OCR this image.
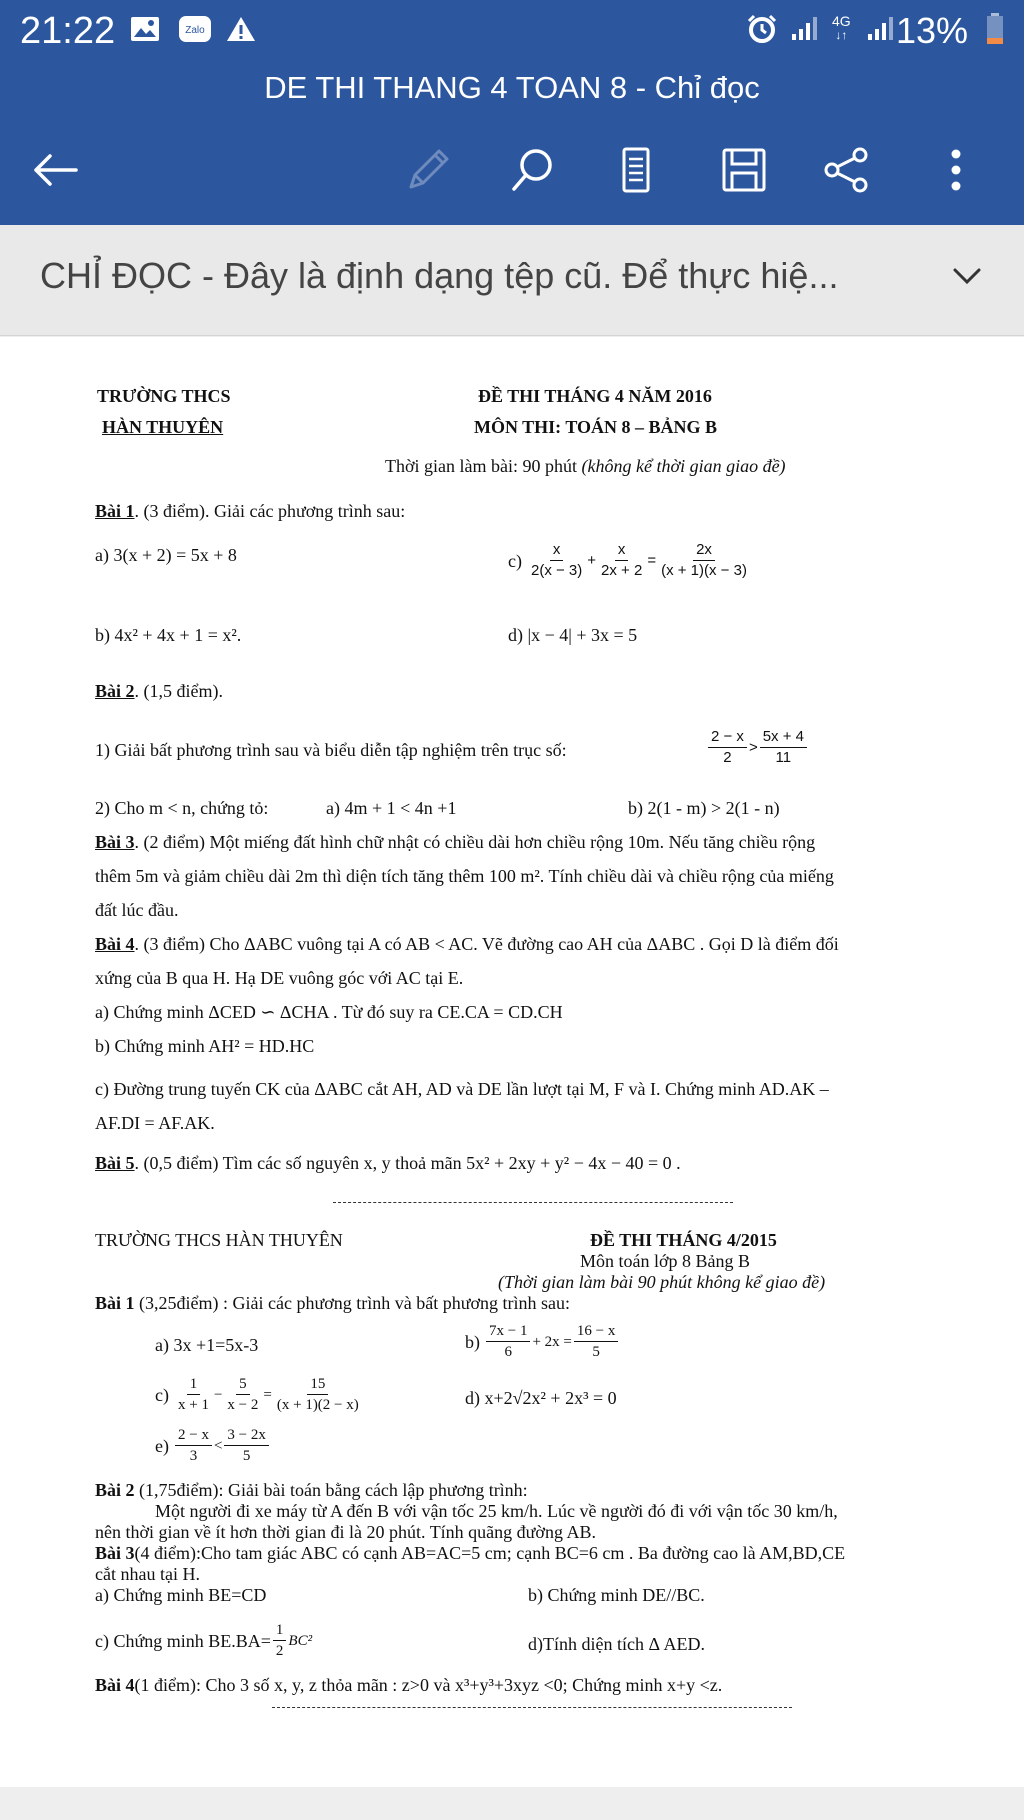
21:22	Zalo
4G
↓↑ 13%
DE THI THANG 4 TOAN 8 - Chỉ đọc
CHỈ ĐỌC - Đây là định dạng tệp cũ. Để thực hiệ...
TRƯỜNG THCS
HÀN THUYÊN
ĐỀ THI THÁNG 4 NĂM 2016
MÔN THI: TOÁN 8 – BẢNG B
Thời gian làm bài: 90 phút (không kể thời gian giao đề)
Bài 1. (3 điểm). Giải các phương trình sau:
a) 3(x + 2) = 5x + 8	$c) \frac{x}{2(x - 3)} + \frac{x}{2x + 2} = \frac{2x}{(x + 1)(x - 3)}$
b) 4x² + 4x + 1 = x².	d) |x − 4| + 3x = 5
Bài 2. (1,5 điểm).
1) Giải bất phương trình sau và biểu diễn tập nghiệm trên trục số:	$\frac{2 - x}{2} > \frac{5x + 4}{11}$
2) Cho m < n, chứng tỏ:	a) 4m + 1 < 4n +1	b) 2(1 - m) > 2(1 - n)
Bài 3. (2 điểm) Một miếng đất hình chữ nhật có chiều dài hơn chiều rộng 10m. Nếu tăng chiều rộng
thêm 5m và giảm chiều dài 2m thì diện tích tăng thêm 100 m². Tính chiều dài và chiều rộng của miếng
đất lúc đầu.
Bài 4. (3 điểm) Cho ΔABC vuông tại A có AB < AC. Vẽ đường cao AH của ΔABC . Gọi D là điểm đối
xứng của B qua H. Hạ DE vuông góc với AC tại E.
a) Chứng minh ΔCED ∽ ΔCHA . Từ đó suy ra CE.CA = CD.CH
b) Chứng minh AH² = HD.HC
c) Đường trung tuyến CK của ΔABC cắt AH, AD và DE lần lượt tại M, F và I. Chứng minh AD.AK –
AF.DI = AF.AK.
Bài 5. (0,5 điểm) Tìm các số nguyên x, y thoả mãn 5x² + 2xy + y² − 4x − 40 = 0 .
TRƯỜNG THCS HÀN THUYÊN	ĐỀ THI THÁNG 4/2015
Môn toán lớp 8 Bảng B
(Thời gian làm bài 90 phút không kể giao đề)
Bài 1 (3,25điểm) : Giải các phương trình và bất phương trình sau:
a) 3x +1=5x-3	$b) \frac{7x - 1}{6} + 2x = \frac{16 - x}{5}$
$c) \frac{1}{x + 1} - \frac{5}{x - 2} = \frac{15}{(x + 1)(2 - x)}$	d) x+2√2x² + 2x³ = 0
$e) \frac{2 - x}{3} < \frac{3 - 2x}{5}$
Bài 2 (1,75điểm): Giải bài toán bằng cách lập phương trình:
Một người đi xe máy từ A đến B với vận tốc 25 km/h. Lúc về người đó đi với vận tốc 30 km/h,
nên thời gian về ít hơn thời gian đi là 20 phút. Tính quãng đường AB.
Bài 3(4 điểm):Cho tam giác ABC có cạnh AB=AC=5 cm; cạnh BC=6 cm . Ba đường cao là AM,BD,CE
cắt nhau tại H.
a) Chứng minh BE=CD	b) Chứng minh DE//BC.
c) Chứng minh $BE.BA= \frac{1}{2} BC^2$	d)Tính diện tích Δ AED.
Bài 4(1 điểm): Cho 3 số x, y, z thỏa mãn : z>0 và x³+y³+3xyz <0; Chứng minh x+y <z.
